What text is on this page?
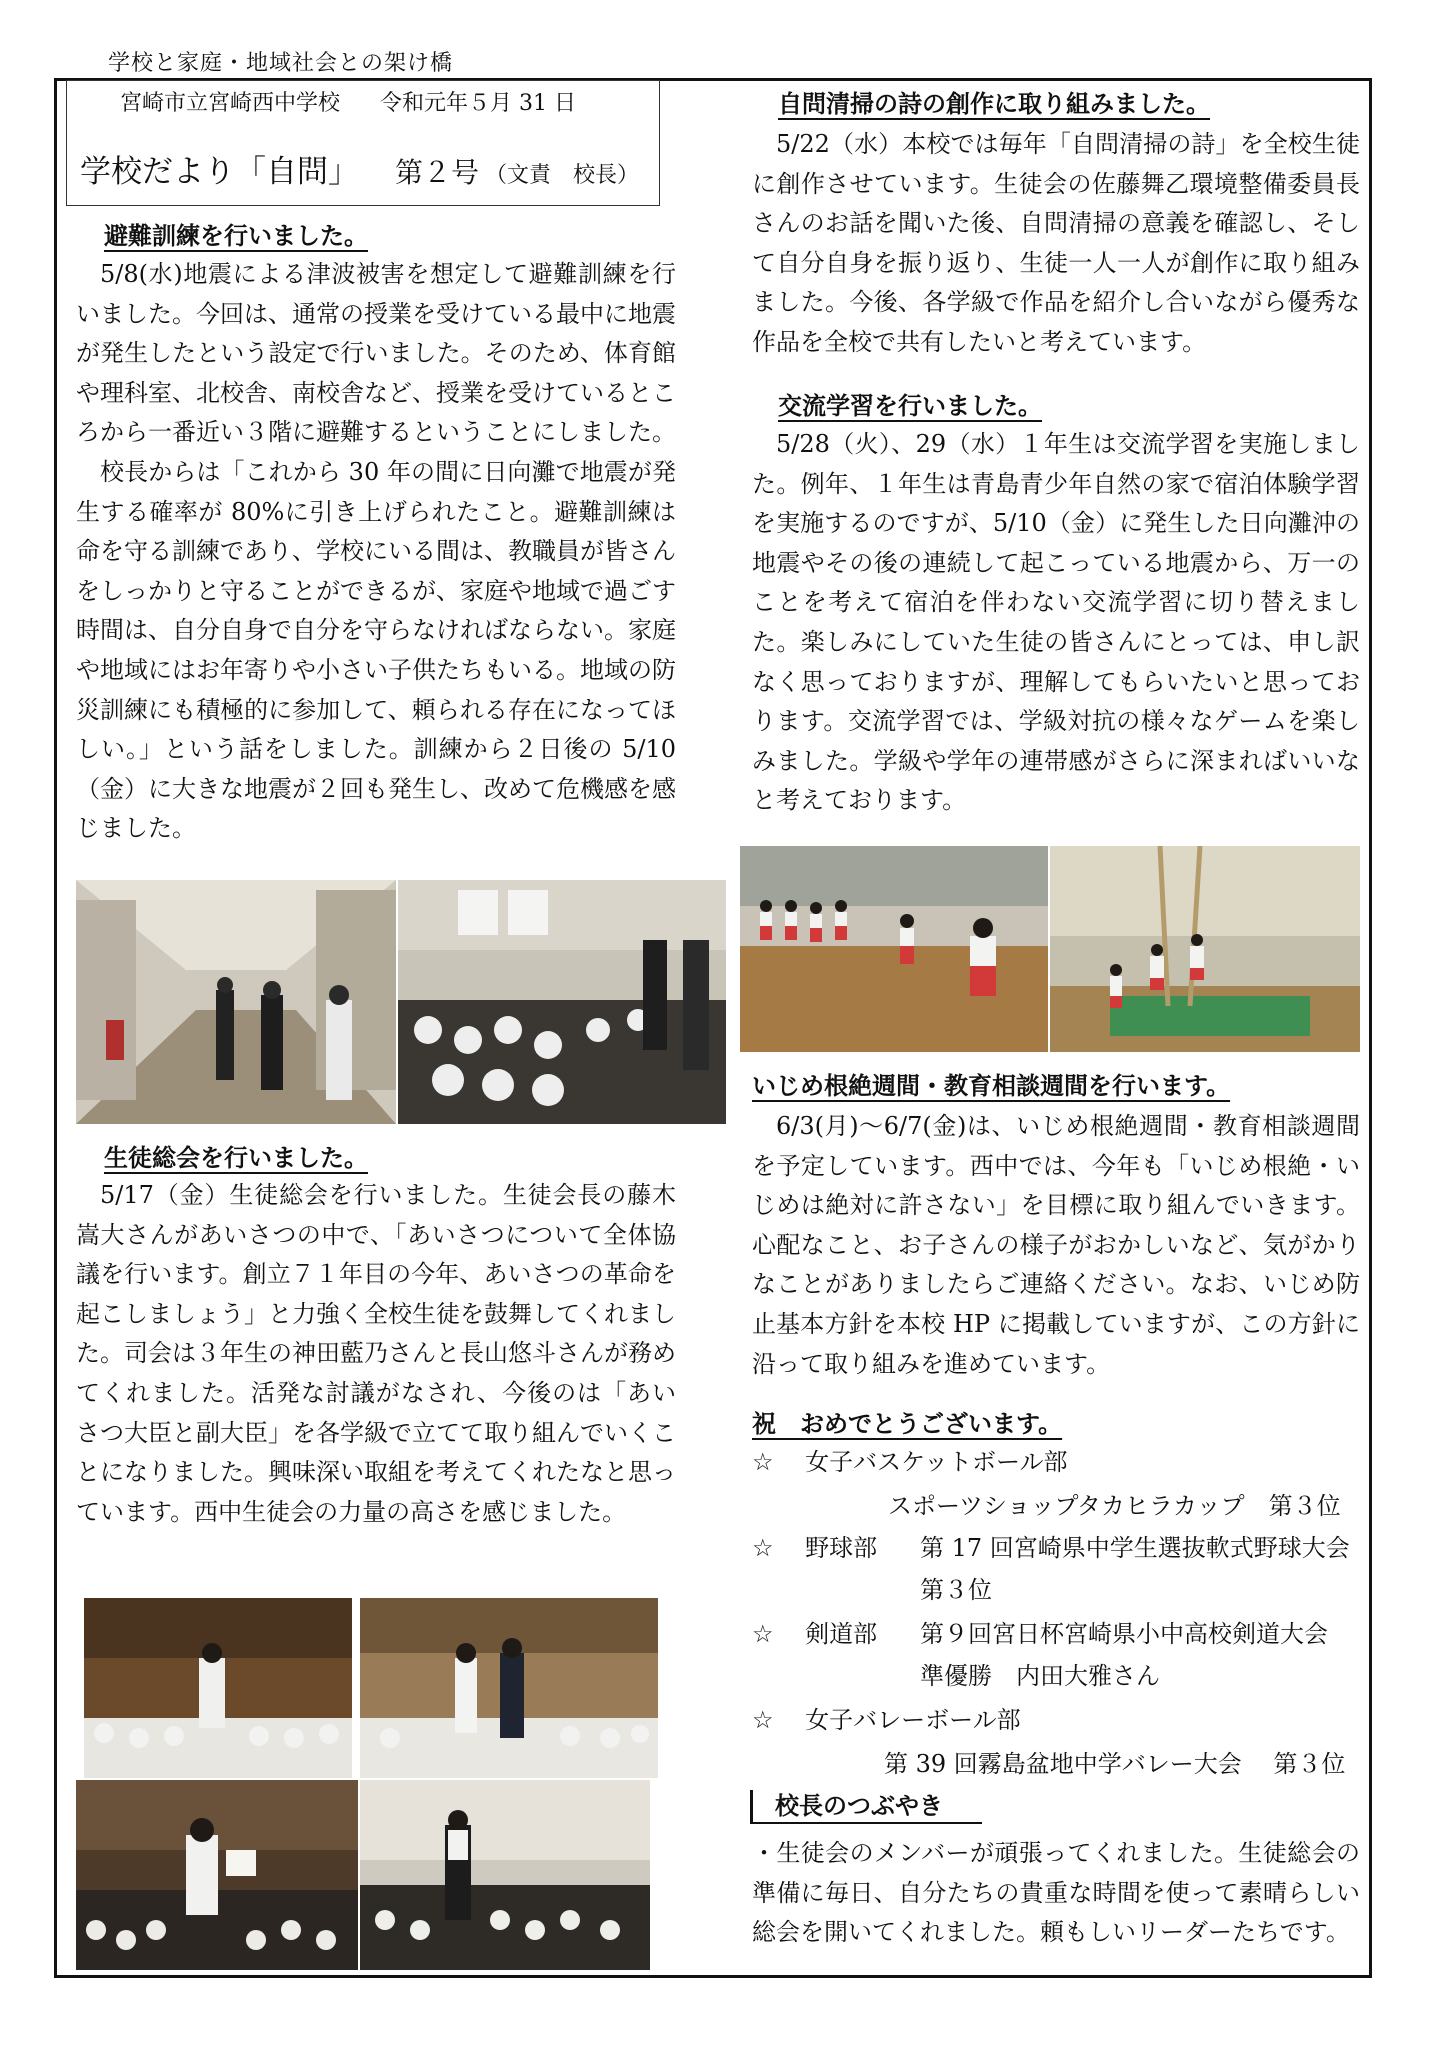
学校と家庭・地域社会との架け橋
宮崎市立宮崎西中学校 令和元年５月 31 日
学校だより「自問」 第２号 （文責　校長）
避難訓練を行いました。

5/8(水)地震による津波被害を想定して避難訓練を行いました。今回は、通常の授業を受けている最中に地震が発生したという設定で行いました。そのため、体育館や理科室、北校舎、南校舎など、授業を受けているところから一番近い３階に避難するということにしました。

校長からは「これから 30 年の間に日向灘で地震が発生する確率が 80%に引き上げられたこと。避難訓練は命を守る訓練であり、学校にいる間は、教職員が皆さんをしっかりと守ることができるが、家庭や地域で過ごす時間は、自分自身で自分を守らなければならない。家庭や地域にはお年寄りや小さい子供たちもいる。地域の防災訓練にも積極的に参加して、頼られる存在になってほしい。」という話をしました。訓練から２日後の 5/10（金）に大きな地震が２回も発生し、改めて危機感を感じました。

生徒総会を行いました。

5/17（金）生徒総会を行いました。生徒会長の藤木嵩大さんがあいさつの中で、「あいさつについて全体協議を行います。創立７１年目の今年、あいさつの革命を起こしましょう」と力強く全校生徒を鼓舞してくれました。司会は３年生の神田藍乃さんと長山悠斗さんが務めてくれました。活発な討議がなされ、今後のは「あいさつ大臣と副大臣」を各学級で立てて取り組んでいくことになりました。興味深い取組を考えてくれたなと思っています。西中生徒会の力量の高さを感じました。

自問清掃の詩の創作に取り組みました。

5/22（水）本校では毎年「自問清掃の詩」を全校生徒に創作させています。生徒会の佐藤舞乙環境整備委員長さんのお話を聞いた後、自問清掃の意義を確認し、そして自分自身を振り返り、生徒一人一人が創作に取り組みました。今後、各学級で作品を紹介し合いながら優秀な作品を全校で共有したいと考えています。

交流学習を行いました。

5/28（火）、29（水）１年生は交流学習を実施しました。例年、１年生は青島青少年自然の家で宿泊体験学習を実施するのですが、5/10（金）に発生した日向灘沖の地震やその後の連続して起こっている地震から、万一のことを考えて宿泊を伴わない交流学習に切り替えました。楽しみにしていた生徒の皆さんにとっては、申し訳なく思っておりますが、理解してもらいたいと思っております。交流学習では、学級対抗の様々なゲームを楽しみました。学級や学年の連帯感がさらに深まればいいなと考えております。

いじめ根絶週間・教育相談週間を行います。

6/3(月)～6/7(金)は、いじめ根絶週間・教育相談週間を予定しています。西中では、今年も「いじめ根絶・いじめは絶対に許さない」を目標に取り組んでいきます。心配なこと、お子さんの様子がおかしいなど、気がかりなことがありましたらご連絡ください。なお、いじめ防止基本方針を本校 HP に掲載していますが、この方針に沿って取り組みを進めています。

祝　おめでとうございます。
☆ 女子バスケットボール部
スポーツショップタカヒラカップ　第３位
☆ 野球部 第 17 回宮崎県中学生選抜軟式野球大会
第３位
☆ 剣道部 第９回宮日杯宮崎県小中高校剣道大会
準優勝　内田大雅さん
☆ 女子バレーボール部
第 39 回霧島盆地中学バレー大会　 第３位
校長のつぶやき
・生徒会のメンバーが頑張ってくれました。生徒総会の準備に毎日、自分たちの貴重な時間を使って素晴らしい総会を開いてくれました。頼もしいリーダーたちです。
